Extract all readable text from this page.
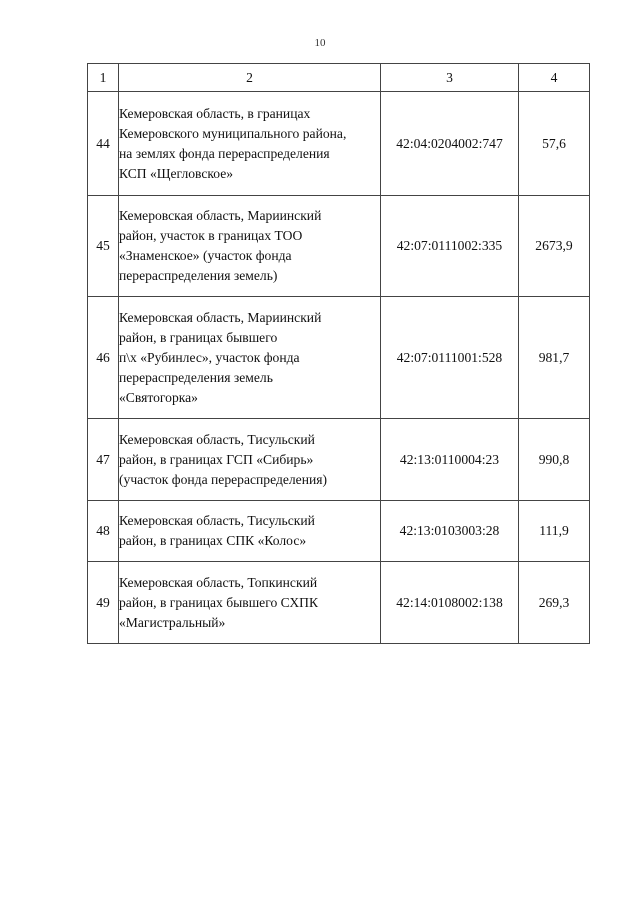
10
1	2	3	4
44	Кемеровская область, в границах
Кемеровского муниципального района,
на землях фонда перераспределения
КСП «Щегловское»	42:04:0204002:747	57,6
45	Кемеровская область, Мариинский
район, участок в границах ТОО
«Знаменское» (участок фонда
перераспределения земель)	42:07:0111002:335	2673,9
46	Кемеровская область, Мариинский
район, в границах бывшего
п\х «Рубинлес», участок фонда
перераспределения земель
«Святогорка»	42:07:0111001:528	981,7
47	Кемеровская область, Тисульский
район, в границах ГСП «Сибирь»
(участок фонда перераспределения)	42:13:0110004:23	990,8
48	Кемеровская область, Тисульский
район, в границах СПК «Колос»	42:13:0103003:28	111,9
49	Кемеровская область, Топкинский
район, в границах бывшего СХПК
«Магистральный»	42:14:0108002:138	269,3
